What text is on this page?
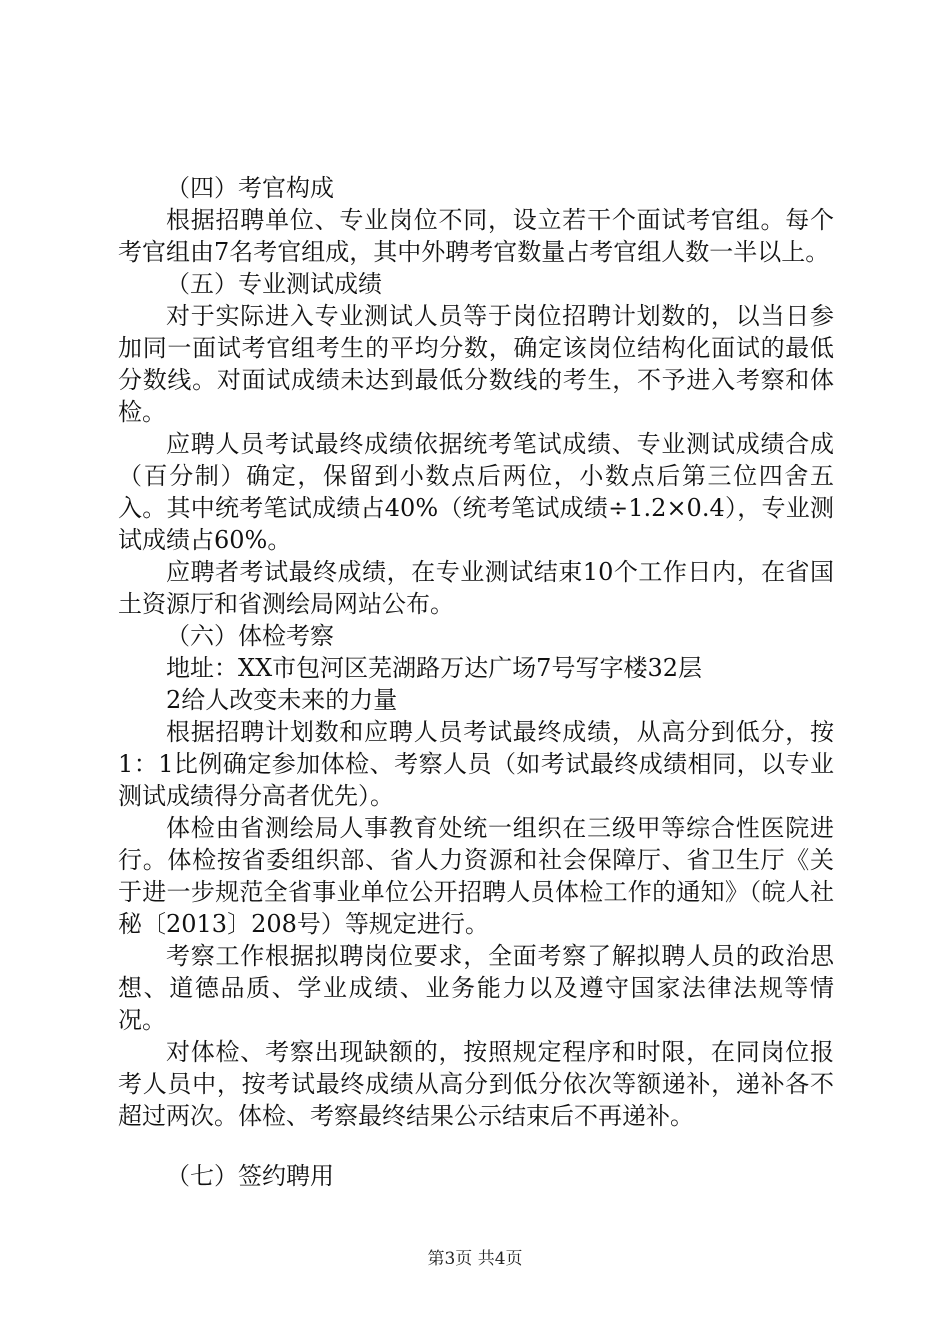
（四）考官构成

根据招聘单位、专业岗位不同，设立若干个面试考官组。每个考官组由7名考官组成，其中外聘考官数量占考官组人数一半以上。

（五）专业测试成绩

对于实际进入专业测试人员等于岗位招聘计划数的，以当日参加同一面试考官组考生的平均分数，确定该岗位结构化面试的最低分数线。对面试成绩未达到最低分数线的考生，不予进入考察和体检。

应聘人员考试最终成绩依据统考笔试成绩、专业测试成绩合成（百分制）确定，保留到小数点后两位，小数点后第三位四舍五入。其中统考笔试成绩占40%（统考笔试成绩÷1.2×0.4），专业测试成绩占60%。

应聘者考试最终成绩，在专业测试结束10个工作日内，在省国土资源厅和省测绘局网站公布。

（六）体检考察

地址：XX市包河区芜湖路万达广场7号写字楼32层

2给人改变未来的力量

根据招聘计划数和应聘人员考试最终成绩，从高分到低分，按1：1比例确定参加体检、考察人员（如考试最终成绩相同，以专业测试成绩得分高者优先）。

体检由省测绘局人事教育处统一组织在三级甲等综合性医院进行。体检按省委组织部、省人力资源和社会保障厅、省卫生厅《关于进一步规范全省事业单位公开招聘人员体检工作的通知》（皖人社秘〔2013〕208号）等规定进行。

考察工作根据拟聘岗位要求，全面考察了解拟聘人员的政治思想、道德品质、学业成绩、业务能力以及遵守国家法律法规等情况。

对体检、考察出现缺额的，按照规定程序和时限，在同岗位报考人员中，按考试最终成绩从高分到低分依次等额递补，递补各不超过两次。体检、考察最终结果公示结束后不再递补。

（七）签约聘用

第3页 共4页
